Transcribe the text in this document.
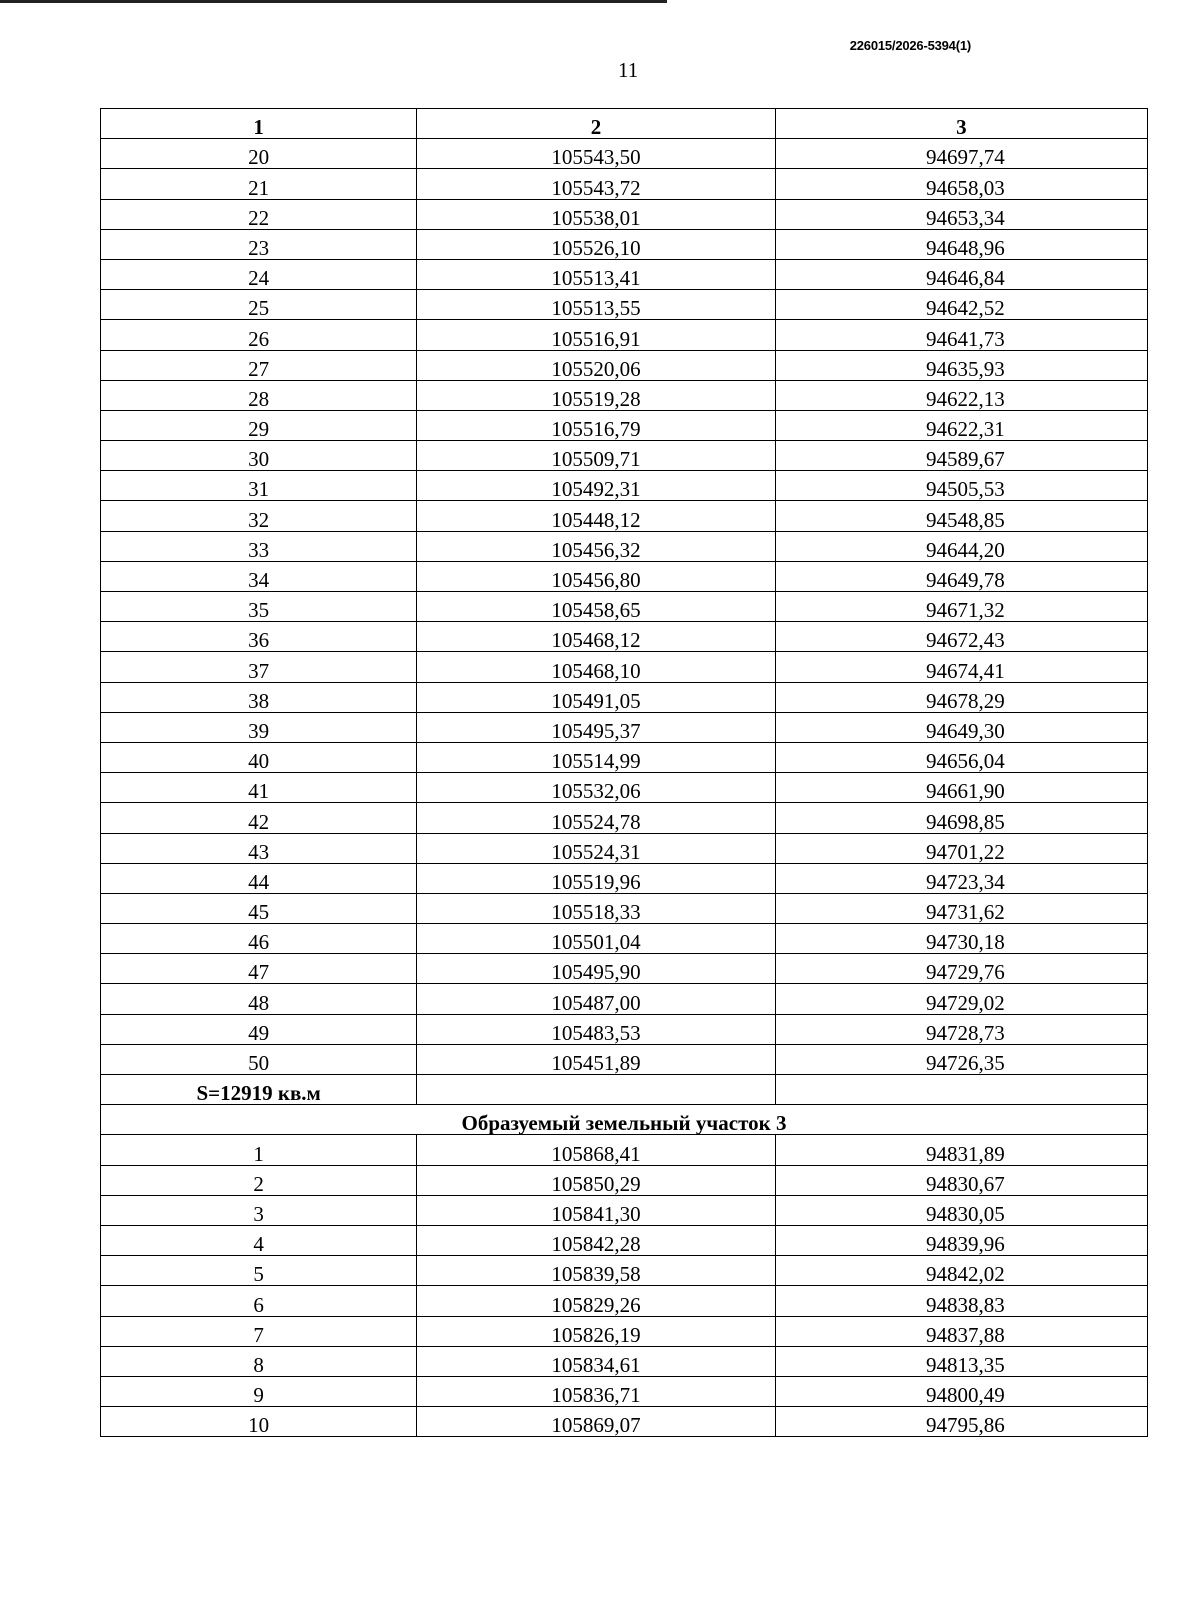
226015/2026-5394(1)
11
1	2	3
20	105543,50	94697,74
21	105543,72	94658,03
22	105538,01	94653,34
23	105526,10	94648,96
24	105513,41	94646,84
25	105513,55	94642,52
26	105516,91	94641,73
27	105520,06	94635,93
28	105519,28	94622,13
29	105516,79	94622,31
30	105509,71	94589,67
31	105492,31	94505,53
32	105448,12	94548,85
33	105456,32	94644,20
34	105456,80	94649,78
35	105458,65	94671,32
36	105468,12	94672,43
37	105468,10	94674,41
38	105491,05	94678,29
39	105495,37	94649,30
40	105514,99	94656,04
41	105532,06	94661,90
42	105524,78	94698,85
43	105524,31	94701,22
44	105519,96	94723,34
45	105518,33	94731,62
46	105501,04	94730,18
47	105495,90	94729,76
48	105487,00	94729,02
49	105483,53	94728,73
50	105451,89	94726,35
S=12919 кв.м		
Образуемый земельный участок 3		
1	105868,41	94831,89
2	105850,29	94830,67
3	105841,30	94830,05
4	105842,28	94839,96
5	105839,58	94842,02
6	105829,26	94838,83
7	105826,19	94837,88
8	105834,61	94813,35
9	105836,71	94800,49
10	105869,07	94795,86
